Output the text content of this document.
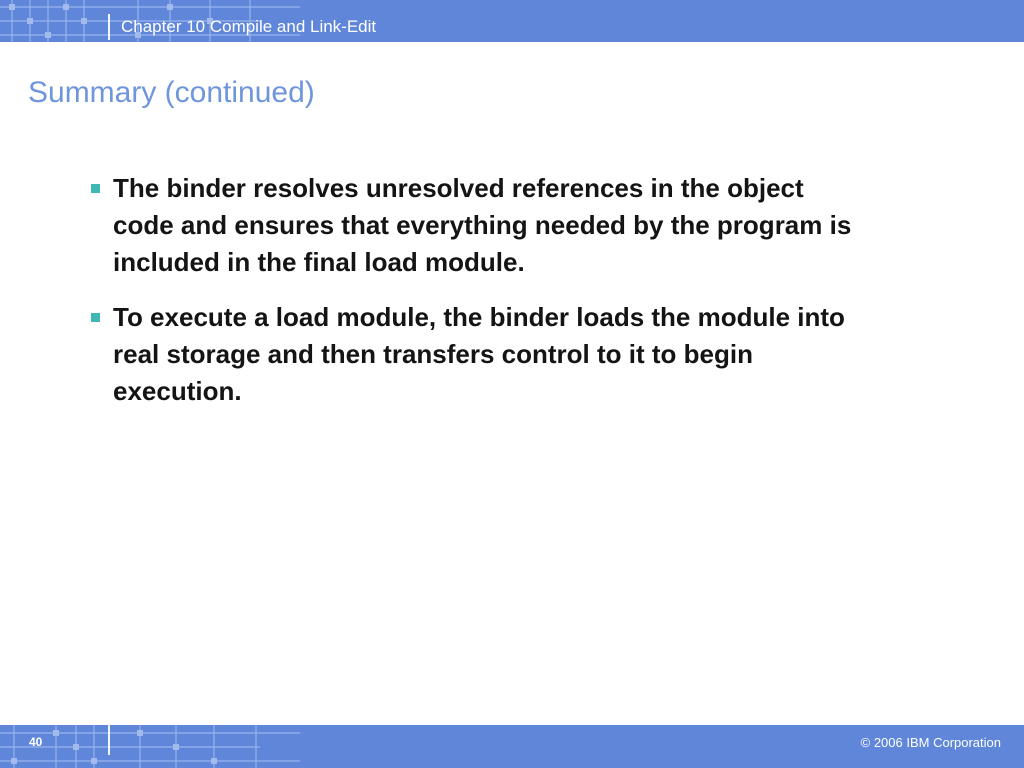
Chapter 10 Compile and Link-Edit
Summary (continued)
The binder resolves unresolved references in the object code and ensures that everything needed by the program is included in the final load module.
To execute a load module, the binder loads the module into real storage and then transfers control to it to begin execution.
40	© 2006 IBM Corporation
